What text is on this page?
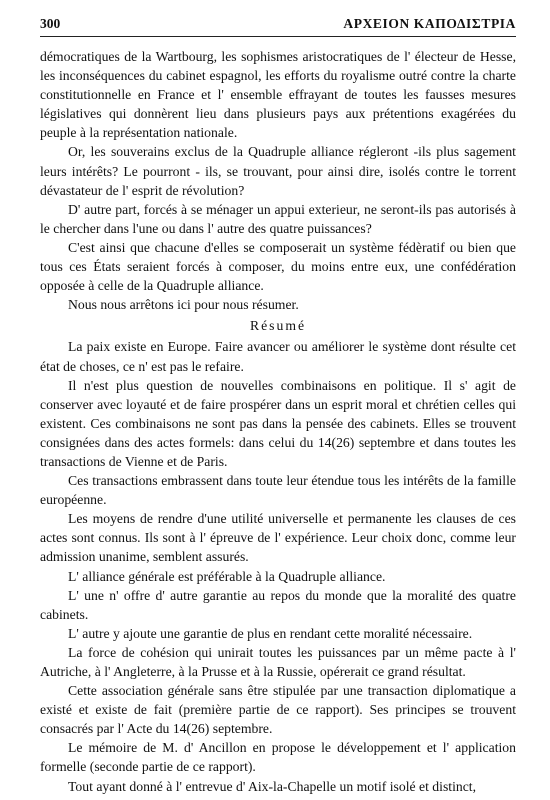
300	ΑΡΧΕΙΟΝ ΚΑΠΟΔΙΣΤΡΙΑ

démocratiques de la Wartbourg, les sophismes aristocratiques de l' électeur de Hesse, les inconséquences du cabinet espagnol, les efforts du royalisme outré contre la charte constitutionnelle en France et l' ensemble effrayant de toutes les fausses mesures législatives qui donnèrent lieu dans plusieurs pays aux prétentions exagérées du peuple à la représentation nationale.

Or, les souverains exclus de la Quadruple alliance régleront -ils plus sagement leurs intérêts? Le pourront - ils, se trouvant, pour ainsi dire, isolés contre le torrent dévastateur de l' esprit de révolution?

D' autre part, forcés à se ménager un appui exterieur, ne seront-ils pas autorisés à le chercher dans l'une ou dans l' autre des quatre puissances?

C'est ainsi que chacune d'elles se composerait un système fédèratif ou bien que tous ces États seraient forcés à composer, du moins entre eux, une confédération opposée à celle de la Quadruple alliance.

Nous nous arrêtons ici pour nous résumer.

Résumé

La paix existe en Europe. Faire avancer ou améliorer le système dont résulte cet état de choses, ce n' est pas le refaire.

Il n'est plus question de nouvelles combinaisons en politique. Il s' agit de conserver avec loyauté et de faire prospérer dans un esprit moral et chrétien celles qui existent. Ces combinaisons ne sont pas dans la pensée des cabinets. Elles se trouvent consignées dans des actes formels: dans celui du 14(26) septembre et dans toutes les transactions de Vienne et de Paris.

Ces transactions embrassent dans toute leur étendue tous les intérêts de la famille européenne.

Les moyens de rendre d'une utilité universelle et permanente les clauses de ces actes sont connus. Ils sont à l' épreuve de l' expérience. Leur choix donc, comme leur admission unanime, semblent assurés.

L' alliance générale est préférable à la Quadruple alliance.

L' une n' offre d' autre garantie au repos du monde que la moralité des quatre cabinets.

L' autre y ajoute une garantie de plus en rendant cette moralité nécessaire.

La force de cohésion qui unirait toutes les puissances par un même pacte à l' Autriche, à l' Angleterre, à la Prusse et à la Russie, opérerait ce grand résultat.

Cette association générale sans être stipulée par une transaction diplomatique a existé et existe de fait (première partie de ce rapport). Ses principes se trouvent consacrés par l' Acte du 14(26) septembre.

Le mémoire de M. d' Ancillon en propose le développement et l' application formelle (seconde partie de ce rapport).

Tout ayant donné à l' entrevue d' Aix-la-Chapelle un motif isolé et distinct,
